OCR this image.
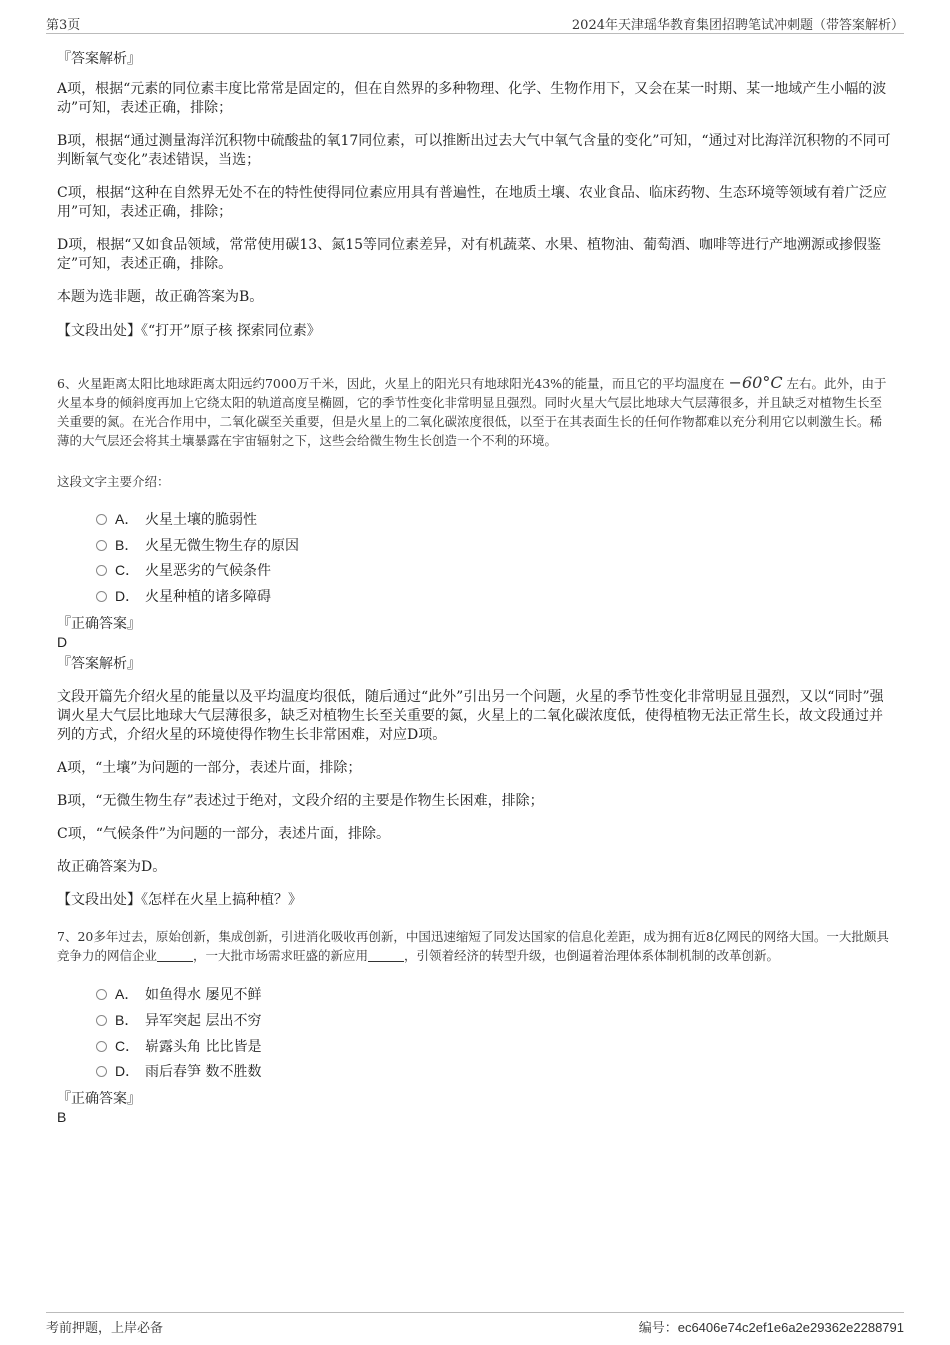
第3页	2024年天津瑶华教育集团招聘笔试冲刺题（带答案解析）
『答案解析』
A项，根据“元素的同位素丰度比常常是固定的，但在自然界的多种物理、化学、生物作用下，又会在某一时期、某一地域产生小幅的波动”可知，表述正确，排除；
B项，根据“通过测量海洋沉积物中硫酸盐的氧17同位素，可以推断出过去大气中氧气含量的变化”可知，“通过对比海洋沉积物的不同可判断氧气变化”表述错误，当选；
C项，根据“这种在自然界无处不在的特性使得同位素应用具有普遍性，在地质土壤、农业食品、临床药物、生态环境等领域有着广泛应用”可知，表述正确，排除；
D项，根据“又如食品领域，常常使用碳13、氮15等同位素差异，对有机蔬菜、水果、植物油、葡萄酒、咖啡等进行产地溯源或掺假鉴定”可知，表述正确，排除。
本题为选非题，故正确答案为B。
【文段出处】《“打开”原子核 探索同位素》
6、火星距离太阳比地球距离太阳远约7000万千米，因此，火星上的阳光只有地球阳光43%的能量，而且它的平均温度在 −60°C 左右。此外，由于火星本身的倾斜度再加上它绕太阳的轨道高度呈椭圆，它的季节性变化非常明显且强烈。同时火星大气层比地球大气层薄很多，并且缺乏对植物生长至关重要的氮。在光合作用中，二氧化碳至关重要，但是火星上的二氧化碳浓度很低，以至于在其表面生长的任何作物都难以充分利用它以刺激生长。稀薄的大气层还会将其土壤暴露在宇宙辐射之下，这些会给微生物生长创造一个不利的环境。
这段文字主要介绍：
A． 火星土壤的脆弱性
B． 火星无微生物生存的原因
C． 火星恶劣的气候条件
D． 火星种植的诸多障碍
『正确答案』
D
『答案解析』
文段开篇先介绍火星的能量以及平均温度均很低，随后通过“此外”引出另一个问题，火星的季节性变化非常明显且强烈，又以“同时”强调火星大气层比地球大气层薄很多，缺乏对植物生长至关重要的氮，火星上的二氧化碳浓度低，使得植物无法正常生长，故文段通过并列的方式，介绍火星的环境使得作物生长非常困难，对应D项。
A项，“土壤”为问题的一部分，表述片面，排除；
B项，“无微生物生存”表述过于绝对，文段介绍的主要是作物生长困难，排除；
C项，“气候条件”为问题的一部分，表述片面，排除。
故正确答案为D。
【文段出处】《怎样在火星上搞种植？》
7、20多年过去，原始创新，集成创新，引进消化吸收再创新，中国迅速缩短了同发达国家的信息化差距，成为拥有近8亿网民的网络大国。一大批颇具竞争力的网信企业	，一大批市场需求旺盛的新应用	，引领着经济的转型升级，也倒逼着治理体系体制机制的改革创新。
A． 如鱼得水 屡见不鲜
B． 异军突起 层出不穷
C． 崭露头角 比比皆是
D． 雨后春笋 数不胜数
『正确答案』
B
考前押题，上岸必备	编号：ec6406e74c2ef1e6a2e29362e2288791
